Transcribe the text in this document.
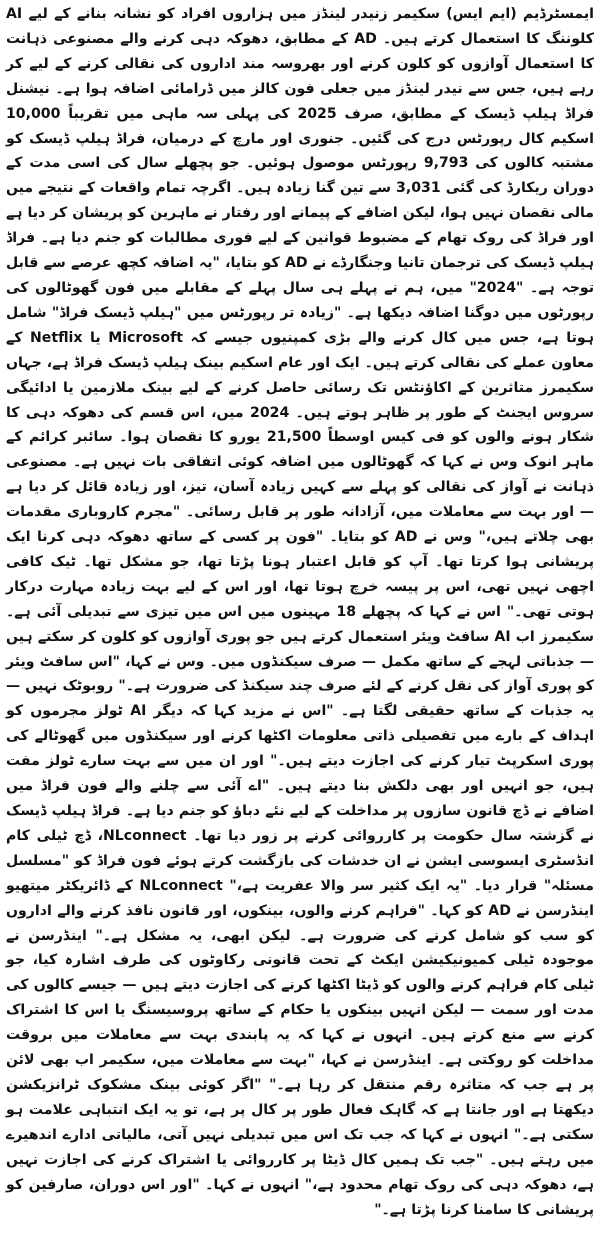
ایمسٹرڈیم (ایم ایس) سکیمر زنیدر لینڈز میں ہزاروں افراد کو نشانہ بنانے کے لیے AI کلوننگ کا استعمال کرتے ہیں۔ AD کے مطابق، دھوکہ دہی کرنے والے مصنوعی ذہانت کا استعمال آوازوں کو کلون کرنے اور بھروسہ مند اداروں کی نقالی کرنے کے لیے کر رہے ہیں، جس سے نیدر لینڈز میں جعلی فون کالز میں ڈرامائی اضافہ ہوا ہے۔ نیشنل فراڈ ہیلپ ڈیسک کے مطابق، صرف 2025 کی پہلی سہ ماہی میں تقریباً 10,000 اسکیم کال رپورٹس درج کی گئیں۔ جنوری اور مارچ کے درمیان، فراڈ ہیلپ ڈیسک کو مشتبہ کالوں کی 9,793 رپورٹس موصول ہوئیں۔ جو پچھلے سال کی اسی مدت کے دوران ریکارڈ کی گئی 3,031 سے تین گنا زیادہ ہیں۔ اگرچہ تمام واقعات کے نتیجے میں مالی نقصان نہیں ہوا، لیکن اضافے کے پیمانے اور رفتار نے ماہرین کو پریشان کر دیا ہے اور فراڈ کی روک تھام کے مضبوط قوانین کے لیے فوری مطالبات کو جنم دیا ہے۔ فراڈ ہیلپ ڈیسک کی ترجمان تانیا وجنگارڈے نے AD کو بتایا، "یہ اضافہ کچھ عرصے سے قابل توجہ ہے۔ "2024" میں، ہم نے پہلے ہی سال پہلے کے مقابلے میں فون گھوٹالوں کی رپورٹوں میں دوگنا اضافہ دیکھا ہے۔ "زیادہ تر رپورٹس میں "ہیلپ ڈیسک فراڈ" شامل ہوتا ہے، جس میں کال کرنے والے بڑی کمپنیوں جیسے کہ Microsoft یا Netflix کے معاون عملے کی نقالی کرتے ہیں۔ ایک اور عام اسکیم بینک ہیلپ ڈیسک فراڈ ہے، جہاں سکیمرز متاثرین کے اکاؤنٹس تک رسائی حاصل کرنے کے لیے بینک ملازمین یا ادائیگی سروس ایجنٹ کے طور پر ظاہر ہوتے ہیں۔ 2024 میں، اس قسم کی دھوکہ دہی کا شکار ہونے والوں کو فی کیس اوسطاً 21,500 یورو کا نقصان ہوا۔ سائبر کرائم کے ماہر انوک وس نے کہا کہ گھوٹالوں میں اضافہ کوئی اتفاقی بات نہیں ہے۔ مصنوعی ذہانت نے آواز کی نقالی کو پہلے سے کہیں زیادہ آسان، تیز، اور زیادہ قائل کر دیا ہے — اور بہت سے معاملات میں، آزادانہ طور پر قابل رسائی۔ "مجرم کاروباری مقدمات بھی چلاتے ہیں،" وس نے AD کو بتایا۔ "فون پر کسی کے ساتھ دھوکہ دہی کرنا ایک پریشانی ہوا کرتا تھا۔ آپ کو قابل اعتبار ہونا پڑتا تھا، جو مشکل تھا۔ ٹیک کافی اچھی نہیں تھی، اس پر پیسہ خرچ ہوتا تھا، اور اس کے لیے بہت زیادہ مہارت درکار ہوتی تھی۔" اس نے کہا کہ پچھلے 18 مہینوں میں اس میں تیزی سے تبدیلی آئی ہے۔ سکیمرز اب AI سافٹ ویئر استعمال کرتے ہیں جو پوری آوازوں کو کلون کر سکتے ہیں — جذباتی لہجے کے ساتھ مکمل — صرف سیکنڈوں میں۔ وس نے کہا، "اس سافٹ ویئر کو پوری آواز کی نقل کرنے کے لئے صرف چند سیکنڈ کی ضرورت ہے۔" روبوٹک نہیں — یہ جذبات کے ساتھ حقیقی لگتا ہے۔ "اس نے مزید کہا کہ دیگر AI ٹولز مجرموں کو اہداف کے بارے میں تفصیلی ذاتی معلومات اکٹھا کرنے اور سیکنڈوں میں گھوٹالے کی پوری اسکرپٹ تیار کرنے کی اجازت دیتے ہیں۔" اور ان میں سے بہت سارے ٹولز مفت ہیں، جو انہیں اور بھی دلکش بنا دیتے ہیں۔ "اے آئی سے چلنے والے فون فراڈ میں اضافے نے ڈچ قانون سازوں پر مداخلت کے لیے نئے دباؤ کو جنم دیا ہے۔ فراڈ ہیلپ ڈیسک نے گزشتہ سال حکومت پر کارروائی کرنے پر زور دیا تھا۔ NLconnect، ڈچ ٹیلی کام انڈسٹری ایسوسی ایشن نے ان خدشات کی بازگشت کرتے ہوئے فون فراڈ کو "مسلسل مسئلہ" قرار دیا۔ "یہ ایک کثیر سر والا عفریت ہے،" NLconnect کے ڈائریکٹر میتھیو اینڈرسن نے AD کو کہا۔ "فراہم کرنے والوں، بینکوں، اور قانون نافذ کرنے والے اداروں کو سب کو شامل کرنے کی ضرورت ہے۔ لیکن ابھی، یہ مشکل ہے۔" اینڈرسن نے موجودہ ٹیلی کمیونیکیشن ایکٹ کے تحت قانونی رکاوٹوں کی طرف اشارہ کیا، جو ٹیلی کام فراہم کرنے والوں کو ڈیٹا اکٹھا کرنے کی اجازت دیتے ہیں — جیسے کالوں کی مدت اور سمت — لیکن انہیں بینکوں یا حکام کے ساتھ پروسیسنگ یا اس کا اشتراک کرنے سے منع کرتے ہیں۔ انہوں نے کہا کہ یہ پابندی بہت سے معاملات میں بروقت مداخلت کو روکتی ہے۔ اینڈرسن نے کہا، "بہت سے معاملات میں، سکیمر اب بھی لائن پر ہے جب کہ متاثرہ رقم منتقل کر رہا ہے۔" "اگر کوئی بینک مشکوک ٹرانزیکشن دیکھتا ہے اور جانتا ہے کہ گاہک فعال طور پر کال پر ہے، تو یہ ایک انتباہی علامت ہو سکتی ہے۔" انہوں نے کہا کہ جب تک اس میں تبدیلی نہیں آتی، مالیاتی ادارے اندھیرے میں رہتے ہیں۔ "جب تک ہمیں کال ڈیٹا پر کارروائی یا اشتراک کرنے کی اجازت نہیں ہے، دھوکہ دہی کی روک تھام محدود ہے،" انہوں نے کہا۔ "اور اس دوران، صارفین کو پریشانی کا سامنا کرنا پڑتا ہے۔"
